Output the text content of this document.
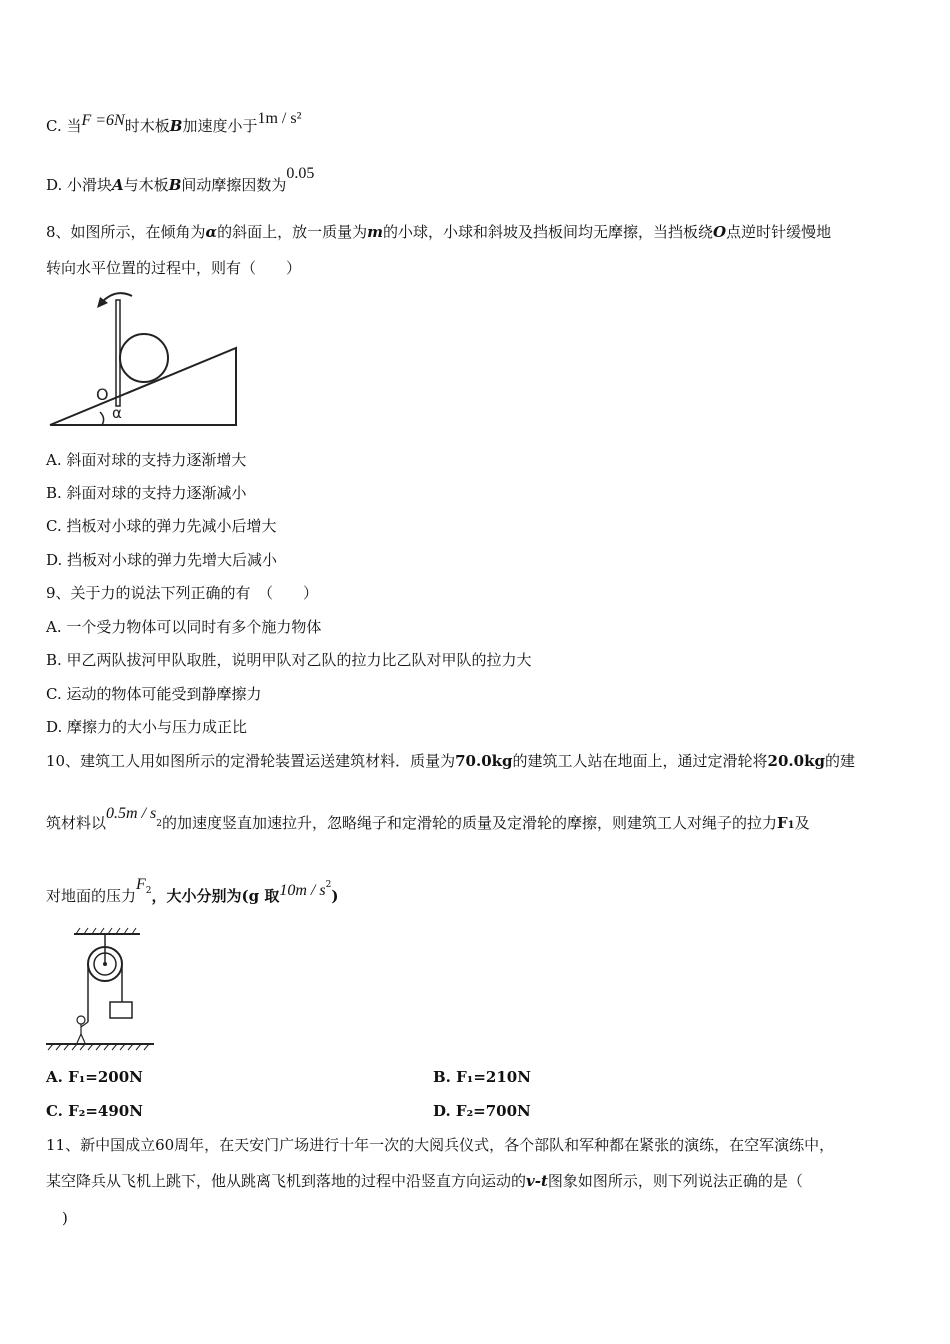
C. 当F =6N时木板B加速度小于1m / s²
D. 小滑块A与木板B间动摩擦因数为0.05
8、如图所示，在倾角为α的斜面上，放一质量为m的小球，小球和斜坡及挡板间均无摩擦，当挡板绕O点逆时针缓慢地
转向水平位置的过程中，则有（　　）
O
α
A. 斜面对球的支持力逐渐增大
B. 斜面对球的支持力逐渐减小
C. 挡板对小球的弹力先减小后增大
D. 挡板对小球的弹力先增大后减小
9、关于力的说法下列正确的有　（　　）
A. 一个受力物体可以同时有多个施力物体
B. 甲乙两队拔河甲队取胜，说明甲队对乙队的拉力比乙队对甲队的拉力大
C. 运动的物体可能受到静摩擦力
D. 摩擦力的大小与压力成正比
10、建筑工人用如图所示的定滑轮装置运送建筑材料．质量为70.0kg的建筑工人站在地面上，通过定滑轮将20.0kg的建
筑材料以0.5m / s2的加速度竖直加速拉升，忽略绳子和定滑轮的质量及定滑轮的摩擦，则建筑工人对绳子的拉力F1及
对地面的压力$F^2$，大小分别为(g 取$10m / s^2$)
A. F₁=200N	B. F₁=210N
C. F₂=490N	D. F₂=700N
11、新中国成立60周年，在天安门广场进行十年一次的大阅兵仪式，各个部队和军种都在紧张的演练，在空军演练中，
某空降兵从飞机上跳下，他从跳离飞机到落地的过程中沿竖直方向运动的v-t图象如图所示，则下列说法正确的是（
)
